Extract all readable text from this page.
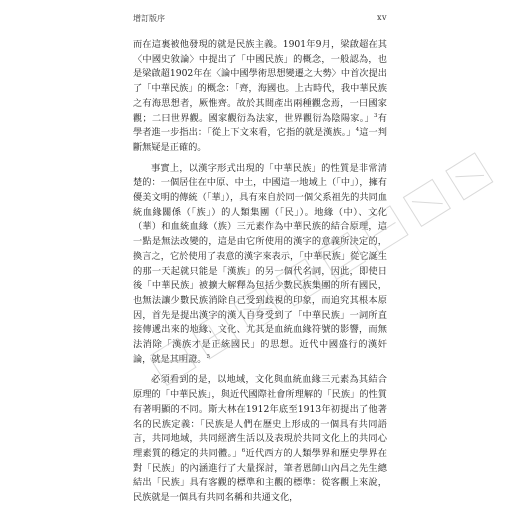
增訂版序	xv

而在這裏被他發現的就是民族主義。1901年9月，梁啟超在其〈中國史敘論〉中提出了「中國民族」的概念，一般認為，也是梁啟超1902年在〈論中國學術思想變遷之大勢〉中首次提出了「中華民族」的概念：「齊，海國也。上古時代，我中華民族之有海思想者，厥惟齊。故於其間產出兩種觀念焉，一曰國家觀；二曰世界觀。國家觀衍為法家，世界觀衍為陰陽家。」$^3$有學者進一步指出：「從上下文來看，它指的就是漢族。」$^4$這一判斷無疑是正確的。

事實上，以漢字形式出現的「中華民族」的性質是非常清楚的：一個居住在中原、中土，中國這一地域上（「中」），擁有優美文明的傳統（「華」），具有來自於同一個父系祖先的共同血統血緣關係（「族」）的人類集團（「民」）。地緣（中）、文化（華）和血統血緣（族）三元素作為中華民族的結合原理，這一點是無法改變的，這是由它所使用的漢字的意義所決定的，換言之，它於使用了表意的漢字來表示，「中華民族」從它誕生的那一天起就只能是「漢族」的另一個代名詞，因此，即使日後「中華民族」被擴大解釋為包括少數民族集團的所有國民，也無法讓少數民族消除自己受到歧視的印象，而追究其根本原因，首先是提出漢字的漢人自身受到了「中華民族」一詞所直接傳遞出來的地緣、文化、尤其是血統血緣符號的影響，而無法消除「漢族才是正統國民」的思想。近代中國盛行的漢奸論，就是其明證。$^5$

必須看到的是，以地域，文化與血統血緣三元素為其結合原理的「中華民族」，與近代國際社會所理解的「民族」的性質有著明顯的不同。斯大林在1912年底至1913年初提出了他著名的民族定義：「民族是人們在歷史上形成的一個具有共同語言，共同地域，共同經濟生活以及表現於共同文化上的共同心理素質的穩定的共同體。」$^6$近代西方的人類學界和歷史學界在對「民族」的內涵進行了大量探討，筆者恩師山內昌之先生總結出「民族」具有客觀的標準和主觀的標準：從客觀上來說，民族就是一個具有共同名稱和共通文化，
